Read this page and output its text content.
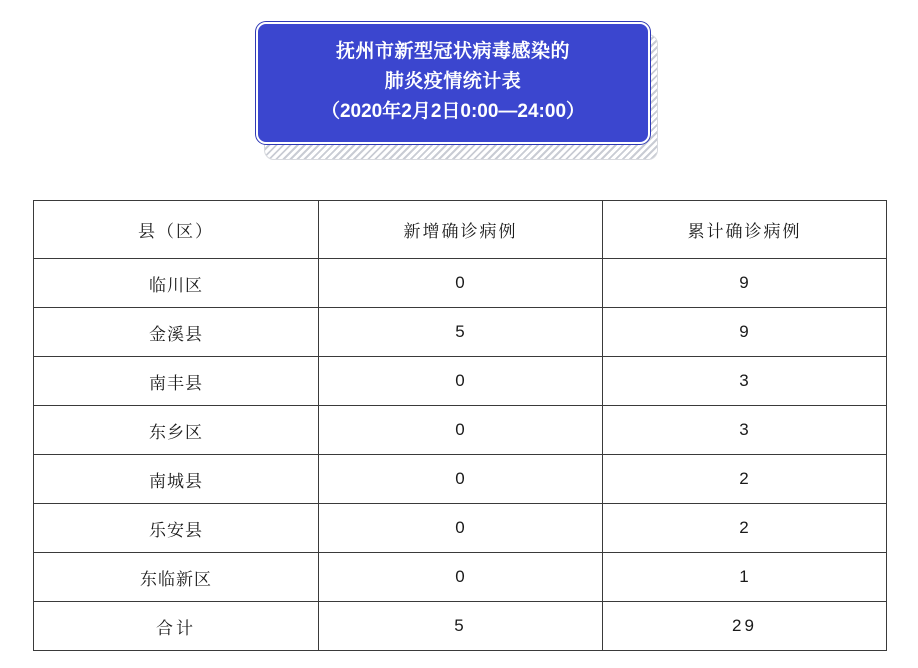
抚州市新型冠状病毒感染的
肺炎疫情统计表
（2020年2月2日0:00—24:00）
县（区）	新增确诊病例	累计确诊病例
临川区	0	9
金溪县	5	9
南丰县	0	3
东乡区	0	3
南城县	0	2
乐安县	0	2
东临新区	0	1
合计	5	29
